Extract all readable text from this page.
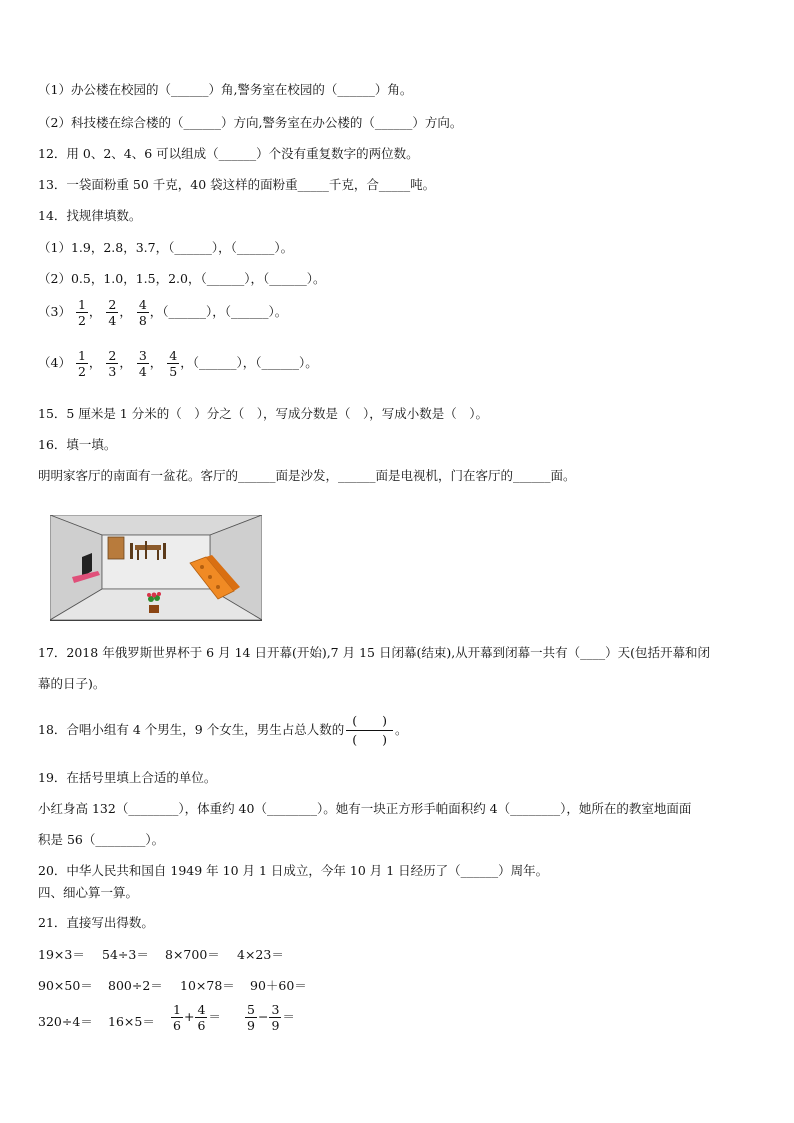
（1）办公楼在校园的（______）角,警务室在校园的（______）角。
（2）科技楼在综合楼的（______）方向,警务室在办公楼的（______）方向。
12．用 0、2、4、6 可以组成（______）个没有重复数字的两位数。
13．一袋面粉重 50 千克，40 袋这样的面粉重_____千克，合_____吨。
14．找规律填数。
（1）1.9，2.8，3.7，（______），（______）。
（2）0.5，1.0，1.5，2.0，（______），（______）。
$(3) \frac{1}{2}$ ， $\frac{2}{4}$ ， $\frac{4}{8}$ ，（______），（______）。
$(4) \frac{1}{2}$ ， $\frac{2}{3}$ ， $\frac{3}{4}$ ， $\frac{4}{5}$ ，（______），（______）。
15．5 厘米是 1 分米的（　）分之（　），写成分数是（　），写成小数是（　）。
16．填一填。
明明家客厅的南面有一盆花。客厅的______面是沙发，______面是电视机，门在客厅的______面。
17．2018 年俄罗斯世界杯于 6 月 14 日开幕(开始),7 月 15 日闭幕(结束),从开幕到闭幕一共有（____）天(包括开幕和闭
幕的日子)。
18．合唱小组有 4 个男生，9 个女生，男生占总人数的
(　　)
(　　)
。
19．在括号里填上合适的单位。
小红身高 132（________），体重约 40（________）。她有一块正方形手帕面积约 4（________），她所在的教室地面面
积是 56（________）。
20．中华人民共和国自 1949 年 10 月 1 日成立，今年 10 月 1 日经历了（______）周年。
四、细心算一算。
21．直接写出得数。
19×3＝ 54÷3＝ 8×700＝ 4×23＝
90×50＝ 800÷2＝ 10×78＝ 90＋60＝
$320\div 4= 16\times 5= \frac{1}{6} + \frac{4}{6} = \frac{5}{9} - \frac{3}{9}$ ＝
